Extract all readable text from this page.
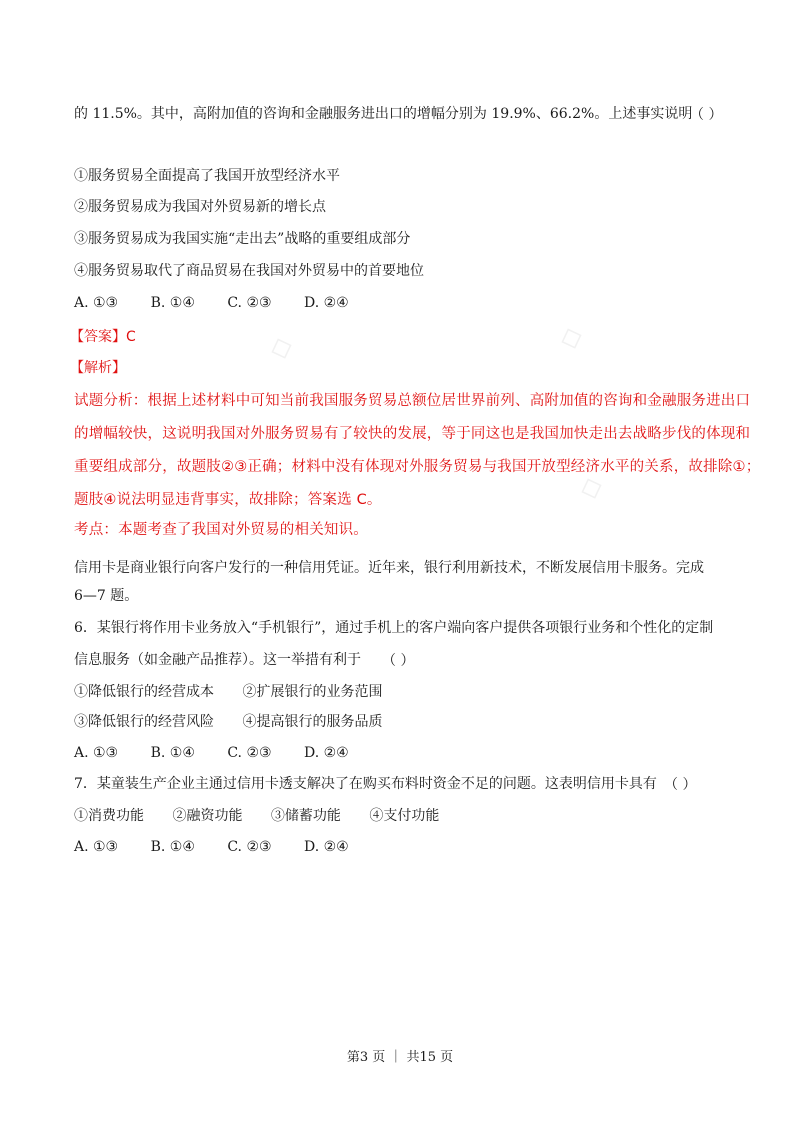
的 11.5%。其中，高附加值的咨询和金融服务进出口的增幅分别为 19.9%、66.2%。上述事实说明
（ ）
①服务贸易全面提高了我国开放型经济水平
②服务贸易成为我国对外贸易新的增长点
③服务贸易成为我国实施“走出去”战略的重要组成部分
④服务贸易取代了商品贸易在我国对外贸易中的首要地位
A. ①③ B. ①④ C. ②③ D. ②④
【答案】C
【解析】
试题分析：根据上述材料中可知当前我国服务贸易总额位居世界前列、高附加值的咨询和金融服务进出口
的增幅较快，这说明我国对外服务贸易有了较快的发展，等于同这也是我国加快走出去战略步伐的体现和
重要组成部分，故题肢②③正确；材料中没有体现对外服务贸易与我国开放型经济水平的关系，故排除①；
题肢④说法明显违背事实，故排除；答案选 C。
考点：本题考查了我国对外贸易的相关知识。
◇	◇
◇
信用卡是商业银行向客户发行的一种信用凭证。近年来，银行利用新技术，不断发展信用卡服务。完成
6—7 题。
6．某银行将作用卡业务放入“手机银行”，通过手机上的客户端向客户提供各项银行业务和个性化的定制
信息服务（如金融产品推荐）。这一举措有利于 （ ）
①降低银行的经营成本 ②扩展银行的业务范围
③降低银行的经营风险 ④提高银行的服务品质
A. ①③ B. ①④ C. ②③ D. ②④
7．某童装生产企业主通过信用卡透支解决了在购买布料时资金不足的问题。这表明信用卡具有 （ ）
①消费功能 ②融资功能 ③储蓄功能 ④支付功能
A. ①③ B. ①④ C. ②③ D. ②④
第3 页 ｜ 共15 页
